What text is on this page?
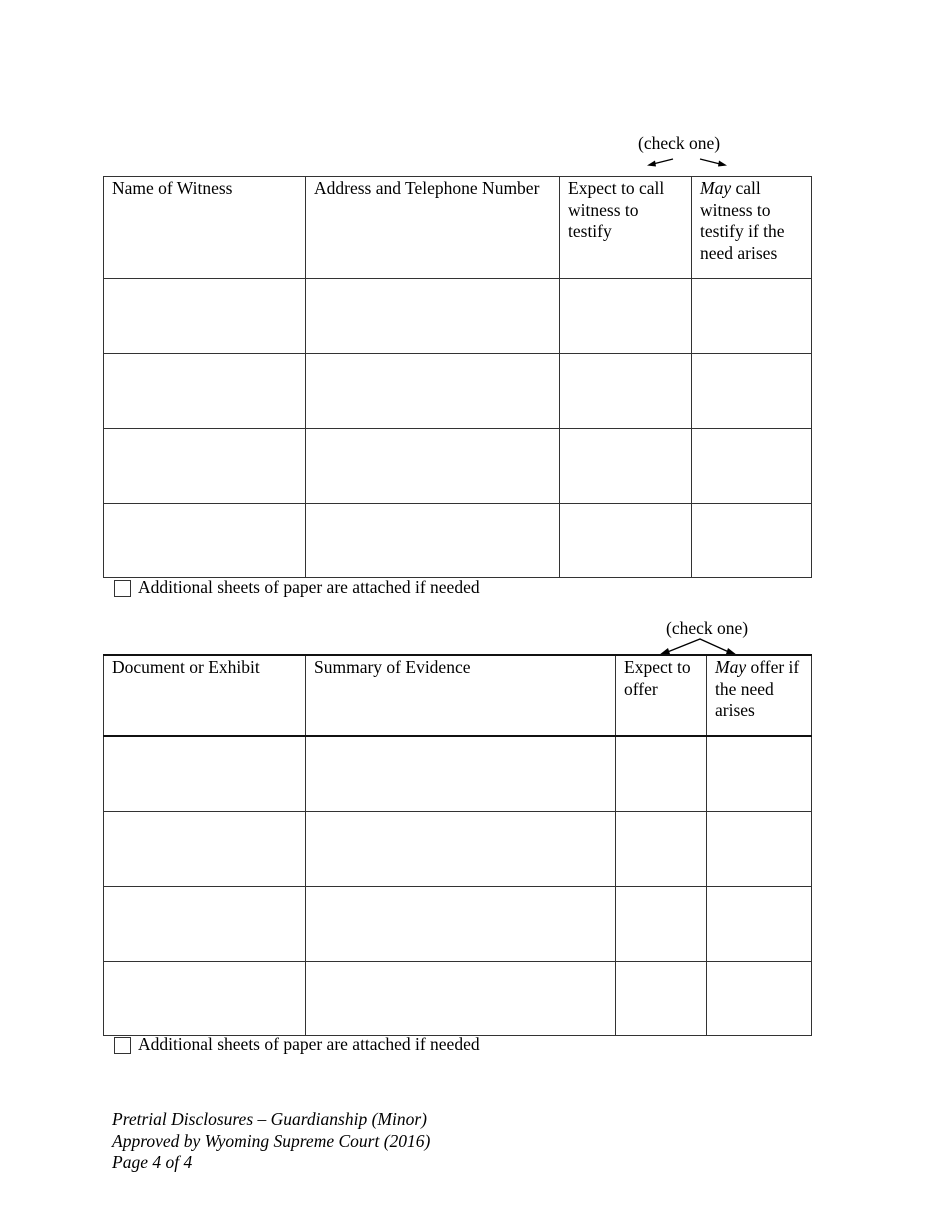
(check one)
Name of Witness	Address and Telephone Number	Expect to call witness to testify	May call witness to testify if the need arises

Additional sheets of paper are attached if needed
(check one)
Document or Exhibit	Summary of Evidence	Expect to offer	May offer if the need arises

Additional sheets of paper are attached if needed
Pretrial Disclosures – Guardianship (Minor)
Approved by Wyoming Supreme Court (2016)
Page 4 of 4
